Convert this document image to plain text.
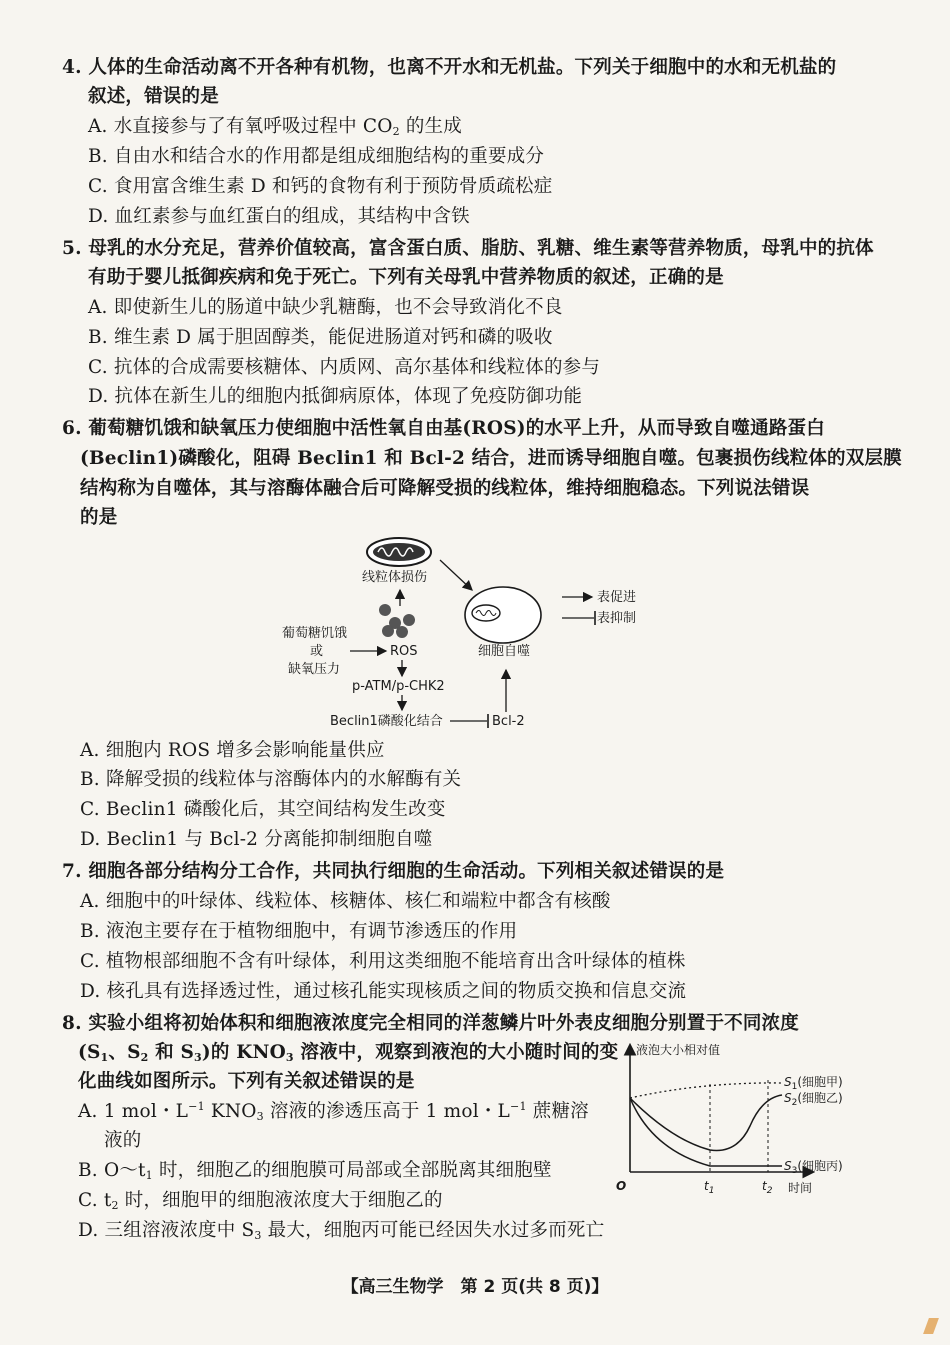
4. 人体的生命活动离不开各种有机物，也离不开水和无机盐。下列关于细胞中的水和无机盐的
叙述，错误的是
A. 水直接参与了有氧呼吸过程中 $CO_2$ 的生成
B. 自由水和结合水的作用都是组成细胞结构的重要成分
C. 食用富含维生素 D 和钙的食物有利于预防骨质疏松症
D. 血红素参与血红蛋白的组成，其结构中含铁
5. 母乳的水分充足，营养价值较高，富含蛋白质、脂肪、乳糖、维生素等营养物质，母乳中的抗体
有助于婴儿抵御疾病和免于死亡。下列有关母乳中营养物质的叙述，正确的是
A. 即使新生儿的肠道中缺少乳糖酶，也不会导致消化不良
B. 维生素 D 属于胆固醇类，能促进肠道对钙和磷的吸收
C. 抗体的合成需要核糖体、内质网、高尔基体和线粒体的参与
D. 抗体在新生儿的细胞内抵御病原体，体现了免疫防御功能
6. 葡萄糖饥饿和缺氧压力使细胞中活性氧自由基(ROS)的水平上升，从而导致自噬通路蛋白
(Beclin1)磷酸化，阻碍 Beclin1 和 Bcl-2 结合，进而诱导细胞自噬。包裹损伤线粒体的双层膜
结构称为自噬体，其与溶酶体融合后可降解受损的线粒体，维持细胞稳态。下列说法错误
的是
线粒体损伤
细胞自噬
表促进
表抑制
葡萄糖饥饿
或
缺氧压力
ROS
p-ATM/p-CHK2
Beclin1磷酸化结合	Bcl-2
A. 细胞内 ROS 增多会影响能量供应
B. 降解受损的线粒体与溶酶体内的水解酶有关
C. Beclin1 磷酸化后，其空间结构发生改变
D. Beclin1 与 Bcl-2 分离能抑制细胞自噬
7. 细胞各部分结构分工合作，共同执行细胞的生命活动。下列相关叙述错误的是
A. 细胞中的叶绿体、线粒体、核糖体、核仁和端粒中都含有核酸
B. 液泡主要存在于植物细胞中，有调节渗透压的作用
C. 植物根部细胞不含有叶绿体，利用这类细胞不能培育出含叶绿体的植株
D. 核孔具有选择透过性，通过核孔能实现核质之间的物质交换和信息交流
8. 实验小组将初始体积和细胞液浓度完全相同的洋葱鳞片叶外表皮细胞分别置于不同浓度
($S_1$、$S_2$ 和 $S_3$)的 $KNO_3$ 溶液中，观察到液泡的大小随时间的变
化曲线如图所示。下列有关叙述错误的是
A. 1 mol・$L^{-1}$ $KNO_3$ 溶液的渗透压高于 1 mol・$L^{-1}$ 蔗糖溶
液的
B. $O\sim t_1$ 时，细胞乙的细胞膜可局部或全部脱离其细胞壁
C. $t_2$ 时，细胞甲的细胞液浓度大于细胞乙的
D. 三组溶液浓度中 $S_3$ 最大，细胞丙可能已经因失水过多而死亡
液泡大小相对值
O	时间
$t_1$	$t_2$
$S_1$(细胞甲)
$S_2$(细胞乙)
$S_3$(细胞丙)
【高三生物学　第 2 页(共 8 页)】
